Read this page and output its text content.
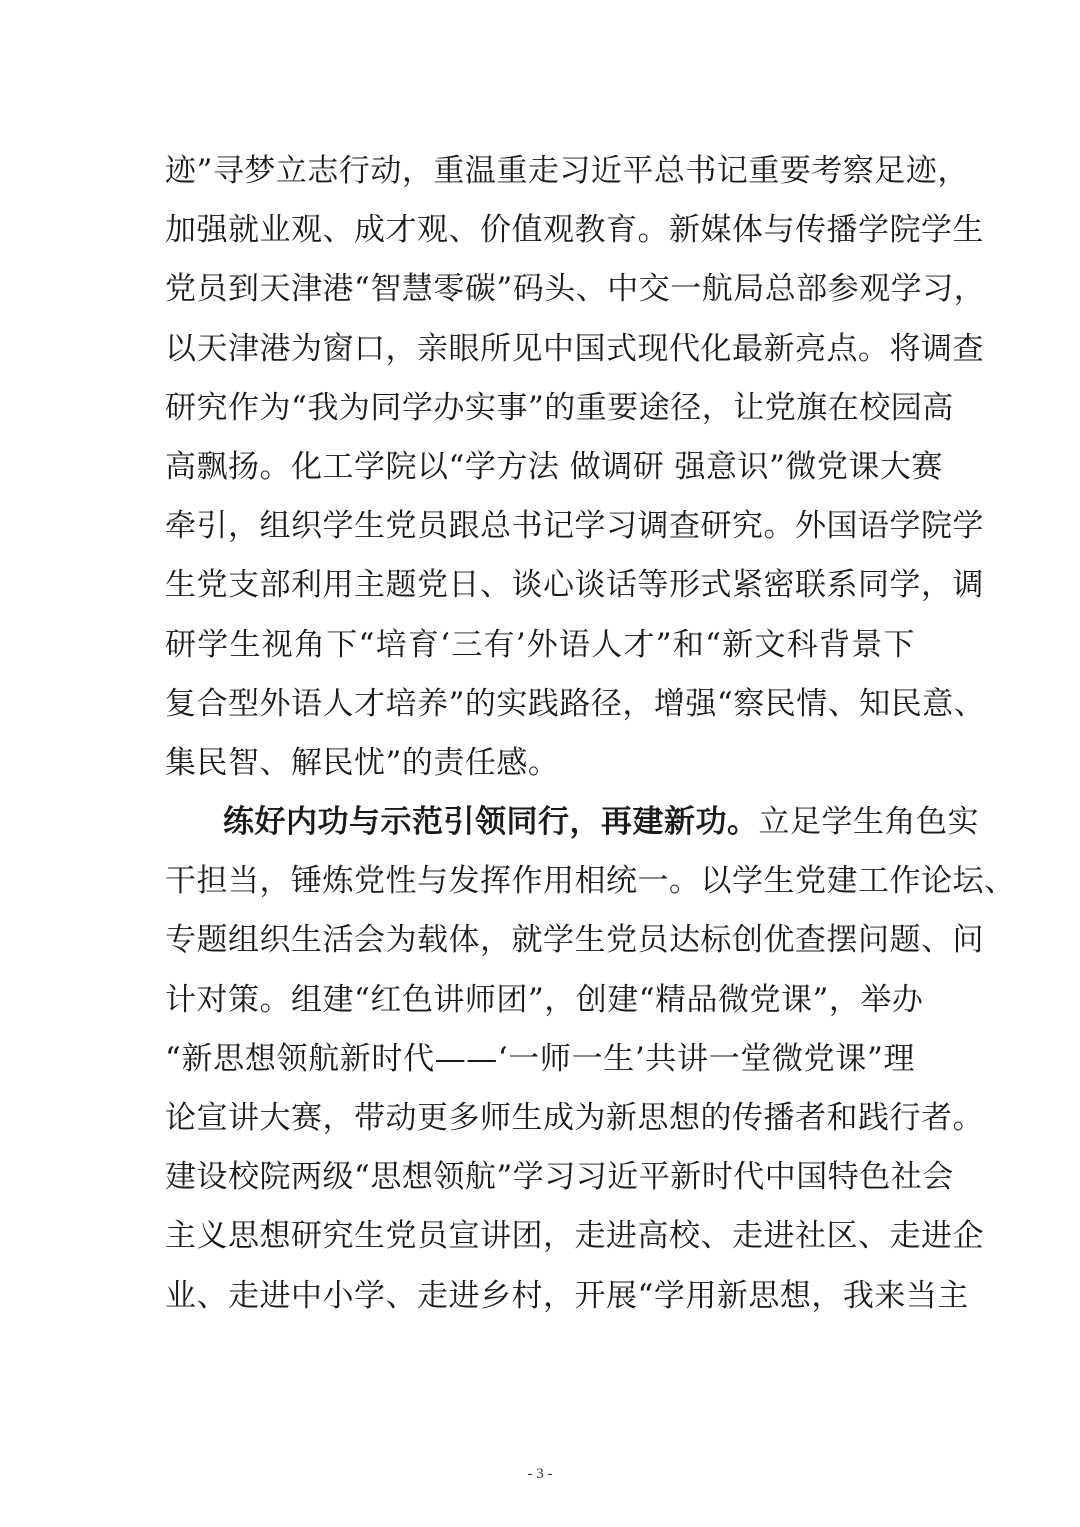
迹”寻梦立志行动，重温重走习近平总书记重要考察足迹，
加强就业观、成才观、价值观教育。新媒体与传播学院学生
党员到天津港“智慧零碳”码头、中交一航局总部参观学习，
以天津港为窗口，亲眼所见中国式现代化最新亮点。将调查
研究作为“我为同学办实事”的重要途径，让党旗在校园高
高飘扬。化工学院以“学方法 做调研 强意识”微党课大赛
牵引，组织学生党员跟总书记学习调查研究。外国语学院学
生党支部利用主题党日、谈心谈话等形式紧密联系同学，调
研学生视角下“培育‘三有’外语人才”和“新文科背景下
复合型外语人才培养”的实践路径，增强“察民情、知民意、
集民智、解民忧”的责任感。
练好内功与示范引领同行，再建新功。立足学生角色实
干担当，锤炼党性与发挥作用相统一。以学生党建工作论坛、
专题组织生活会为载体，就学生党员达标创优查摆问题、问
计对策。组建“红色讲师团”，创建“精品微党课”，举办
“新思想领航新时代——‘一师一生’共讲一堂微党课”理
论宣讲大赛，带动更多师生成为新思想的传播者和践行者。
建设校院两级“思想领航”学习习近平新时代中国特色社会
主义思想研究生党员宣讲团，走进高校、走进社区、走进企
业、走进中小学、走进乡村，开展“学用新思想，我来当主
- 3 -
